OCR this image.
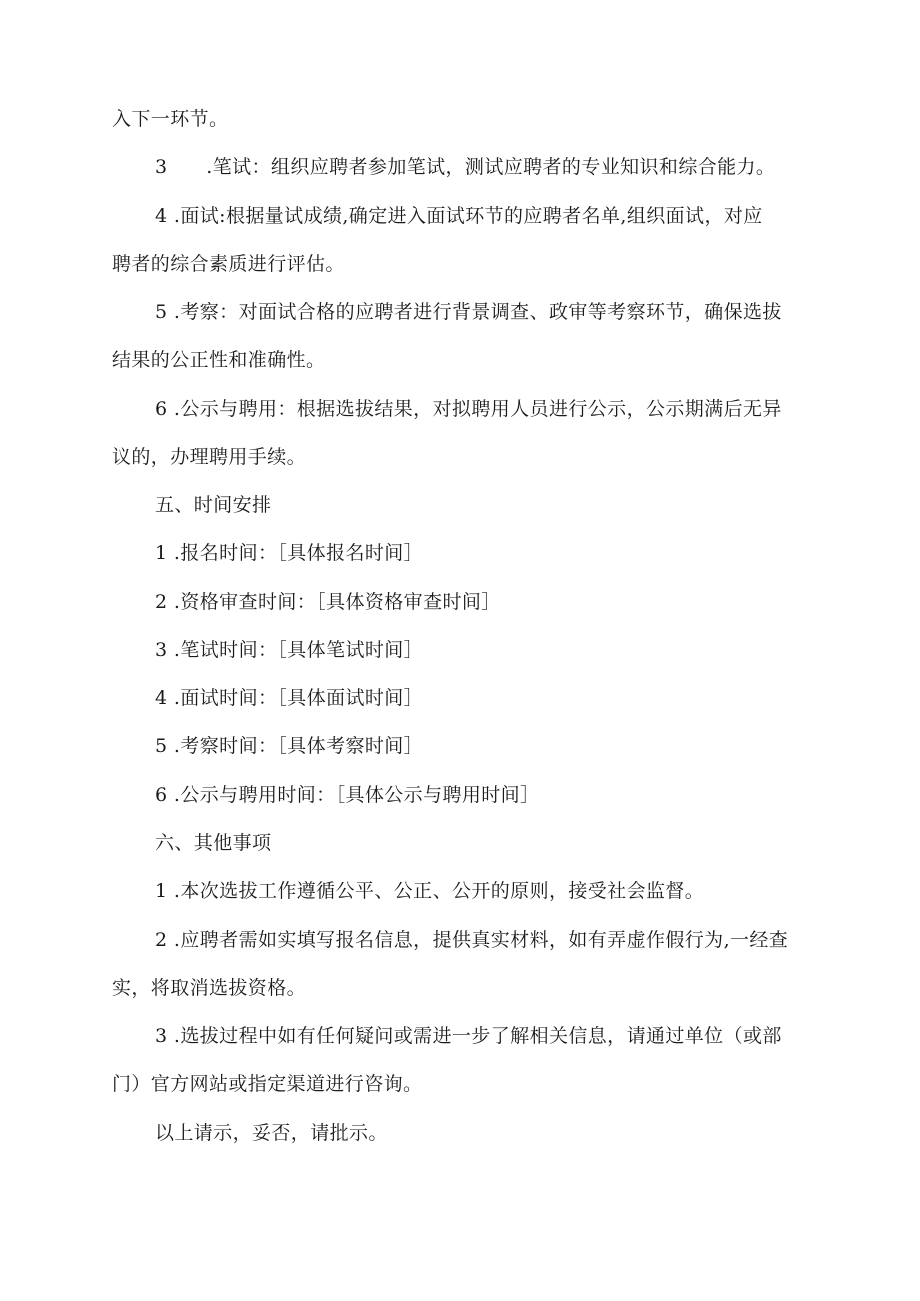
入下一环节。

3　　.笔试：组织应聘者参加笔试，测试应聘者的专业知识和综合能力。

4 .面试:根据量试成绩,确定进入面试环节的应聘者名单,组织面试，对应

聘者的综合素质进行评估。

5 .考察：对面试合格的应聘者进行背景调查、政审等考察环节，确保选拔

结果的公正性和准确性。

6 .公示与聘用：根据选拔结果，对拟聘用人员进行公示，公示期满后无异

议的，办理聘用手续。

五、时间安排

1 .报名时间：［具体报名时间］

2 .资格审查时间：［具体资格审查时间］

3 .笔试时间：［具体笔试时间］

4 .面试时间：［具体面试时间］

5 .考察时间：［具体考察时间］

6 .公示与聘用时间：［具体公示与聘用时间］

六、其他事项

1 .本次选拔工作遵循公平、公正、公开的原则，接受社会监督。

2 .应聘者需如实填写报名信息，提供真实材料，如有弄虚作假行为,一经查

实，将取消选拔资格。

3 .选拔过程中如有任何疑问或需进一步了解相关信息，请通过单位（或部

门）官方网站或指定渠道进行咨询。

以上请示，妥否，请批示。
